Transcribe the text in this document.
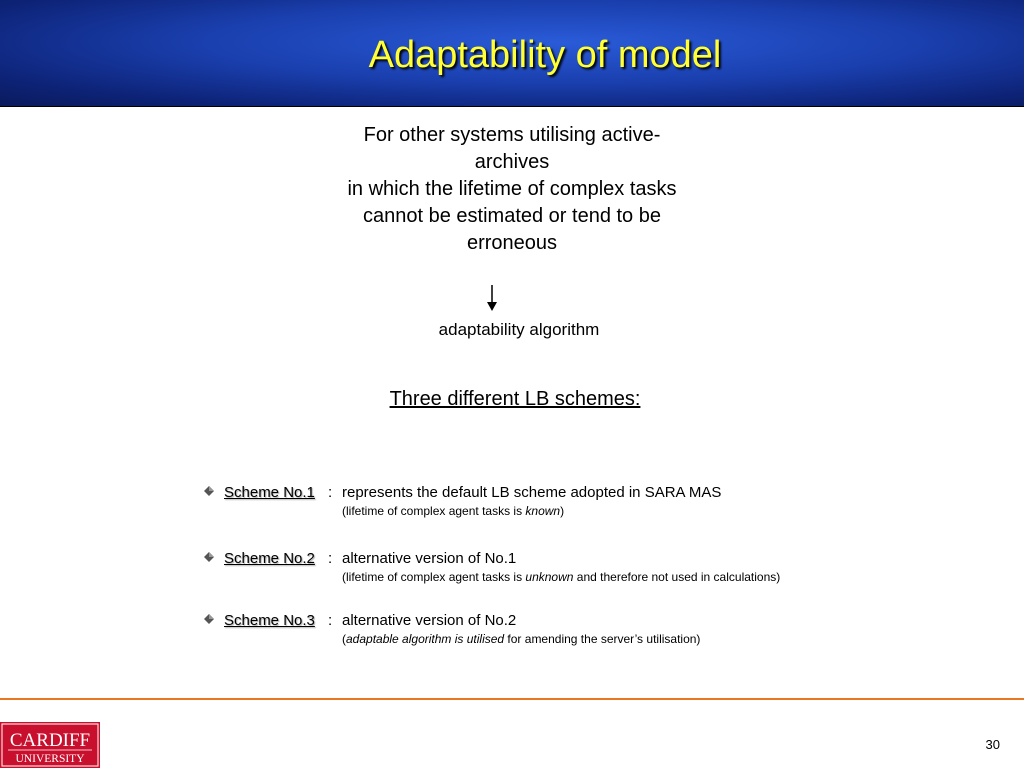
Adaptability of model
For other systems utilising active-
archives
in which the lifetime of complex tasks
cannot be estimated or tend to be
erroneous
adaptability algorithm
Three different LB schemes:
Scheme No.1 : represents the default LB scheme adopted in SARA MAS
(lifetime of complex agent tasks is known)
Scheme No.2 : alternative version of No.1
(lifetime of complex agent tasks is unknown and therefore not used in calculations)
Scheme No.3 : alternative version of No.2
(adaptable algorithm is utilised for amending the server’s utilisation)
CARDIFF
UNIVERSITY
30
